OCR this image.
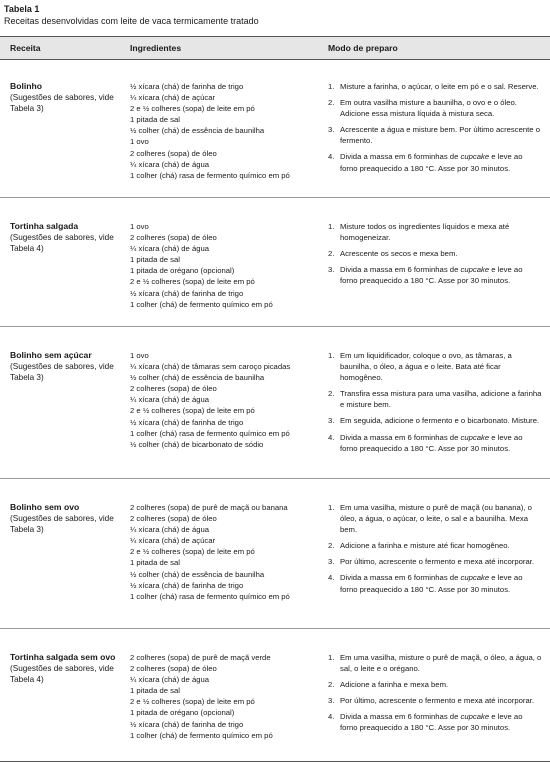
Tabela 1
Receitas desenvolvidas com leite de vaca termicamente tratado
Receita	Ingredientes	Modo de preparo
Bolinho
(Sugestões de sabores, vide Tabela 3)
½ xícara (chá) de farinha de trigo
¼ xícara (chá) de açúcar
2 e ½ colheres (sopa) de leite em pó
1 pitada de sal
½ colher (chá) de essência de baunilha
1 ovo
2 colheres (sopa) de óleo
¼ xícara (chá) de água
1 colher (chá) rasa de fermento químico em pó
1. Misture a farinha, o açúcar, o leite em pó e o sal. Reserve.
2. Em outra vasilha misture a baunilha, o ovo e o óleo. Adicione essa mistura líquida à mistura seca.
3. Acrescente a água e misture bem. Por último acrescente o fermento.
4. Divida a massa em 6 forminhas de cupcake e leve ao forno preaquecido a 180 °C. Asse por 30 minutos.
Tortinha salgada
(Sugestões de sabores, vide Tabela 4)
1 ovo
2 colheres (sopa) de óleo
¼ xícara (chá) de água
1 pitada de sal
1 pitada de orégano (opcional)
2 e ½ colheres (sopa) de leite em pó
½ xícara (chá) de farinha de trigo
1 colher (chá) de fermento químico em pó
1. Misture todos os ingredientes líquidos e mexa até homogeneizar.
2. Acrescente os secos e mexa bem.
3. Divida a massa em 6 forminhas de cupcake e leve ao forno preaquecido a 180 °C. Asse por 30 minutos.
Bolinho sem açúcar
(Sugestões de sabores, vide Tabela 3)
1 ovo
¼ xícara (chá) de tâmaras sem caroço picadas
½ colher (chá) de essência de baunilha
2 colheres (sopa) de óleo
¼ xícara (chá) de água
2 e ½ colheres (sopa) de leite em pó
½ xícara (chá) de farinha de trigo
1 colher (chá) rasa de fermento químico em pó
½ colher (chá) de bicarbonato de sódio
1. Em um liquidificador, coloque o ovo, as tâmaras, a baunilha, o óleo, a água e o leite. Bata até ficar homogêneo.
2. Transfira essa mistura para uma vasilha, adicione a farinha e misture bem.
3. Em seguida, adicione o fermento e o bicarbonato. Misture.
4. Divida a massa em 6 forminhas de cupcake e leve ao forno preaquecido a 180 °C. Asse por 30 minutos.
Bolinho sem ovo
(Sugestões de sabores, vide Tabela 3)
2 colheres (sopa) de purê de maçã ou banana
2 colheres (sopa) de óleo
¼ xícara (chá) de água
¼ xícara (chá) de açúcar
2 e ½ colheres (sopa) de leite em pó
1 pitada de sal
½ colher (chá) de essência de baunilha
½ xícara (chá) de farinha de trigo
1 colher (chá) rasa de fermento químico em pó
1. Em uma vasilha, misture o purê de maçã (ou banana), o óleo, a água, o açúcar, o leite, o sal e a baunilha. Mexa bem.
2. Adicione a farinha e misture até ficar homogêneo.
3. Por último, acrescente o fermento e mexa até incorporar.
4. Divida a massa em 6 forminhas de cupcake e leve ao forno preaquecido a 180 °C. Asse por 30 minutos.
Tortinha salgada sem ovo
(Sugestões de sabores, vide Tabela 4)
2 colheres (sopa) de purê de maçã verde
2 colheres (sopa) de óleo
¼ xícara (chá) de água
1 pitada de sal
2 e ½ colheres (sopa) de leite em pó
1 pitada de orégano (opcional)
½ xícara (chá) de farinha de trigo
1 colher (chá) de fermento químico em pó
1. Em uma vasilha, misture o purê de maçã, o óleo, a água, o sal, o leite e o orégano.
2. Adicione a farinha e mexa bem.
3. Por último, acrescente o fermento e mexa até incorporar.
4. Divida a massa em 6 forminhas de cupcake e leve ao forno preaquecido a 180 °C. Asse por 30 minutos.
